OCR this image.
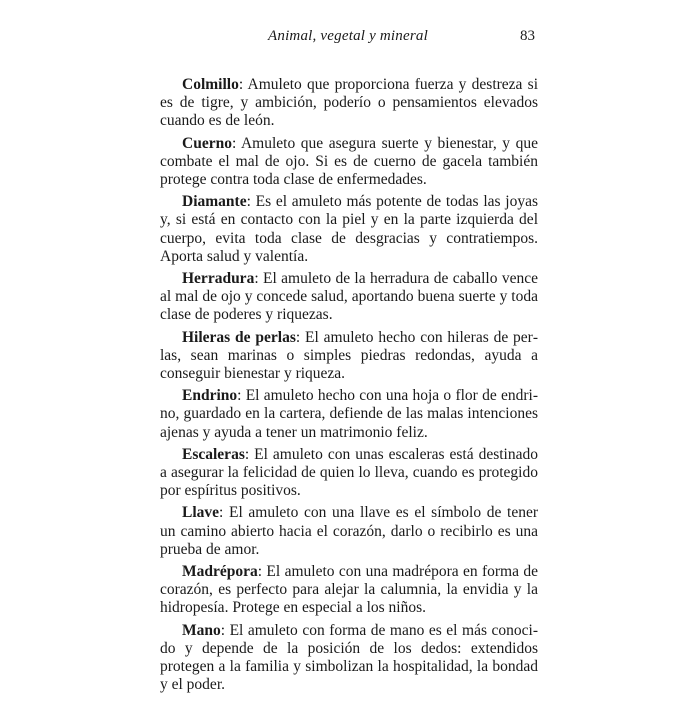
Animal, vegetal y mineral	83

Colmillo: Amuleto que proporciona fuerza y destreza si es de tigre, y ambición, poderío o pensamientos elevados cuando es de león.

Cuerno: Amuleto que asegura suerte y bienestar, y que combate el mal de ojo. Si es de cuerno de gacela también protege contra toda clase de enfermedades.

Diamante: Es el amuleto más potente de todas las joyas y, si está en contacto con la piel y en la parte izquierda del cuerpo, evita toda clase de desgracias y contratiempos. Aporta salud y valentía.

Herradura: El amuleto de la herradura de caballo vence al mal de ojo y concede salud, aportando buena suerte y toda clase de poderes y riquezas.

Hileras de perlas: El amuleto hecho con hileras de perlas, sean marinas o simples piedras redondas, ayuda a conseguir bienestar y riqueza.

Endrino: El amuleto hecho con una hoja o flor de endrino, guardado en la cartera, defiende de las malas intenciones ajenas y ayuda a tener un matrimonio feliz.

Escaleras: El amuleto con unas escaleras está destinado a asegurar la felicidad de quien lo lleva, cuando es protegido por espíritus positivos.

Llave: El amuleto con una llave es el símbolo de tener un camino abierto hacia el corazón, darlo o recibirlo es una prueba de amor.

Madrépora: El amuleto con una madrépora en forma de corazón, es perfecto para alejar la calumnia, la envidia y la hidropesía. Protege en especial a los niños.

Mano: El amuleto con forma de mano es el más conocido y depende de la posición de los dedos: extendidos protegen a la familia y simbolizan la hospitalidad, la bondad y el poder.
